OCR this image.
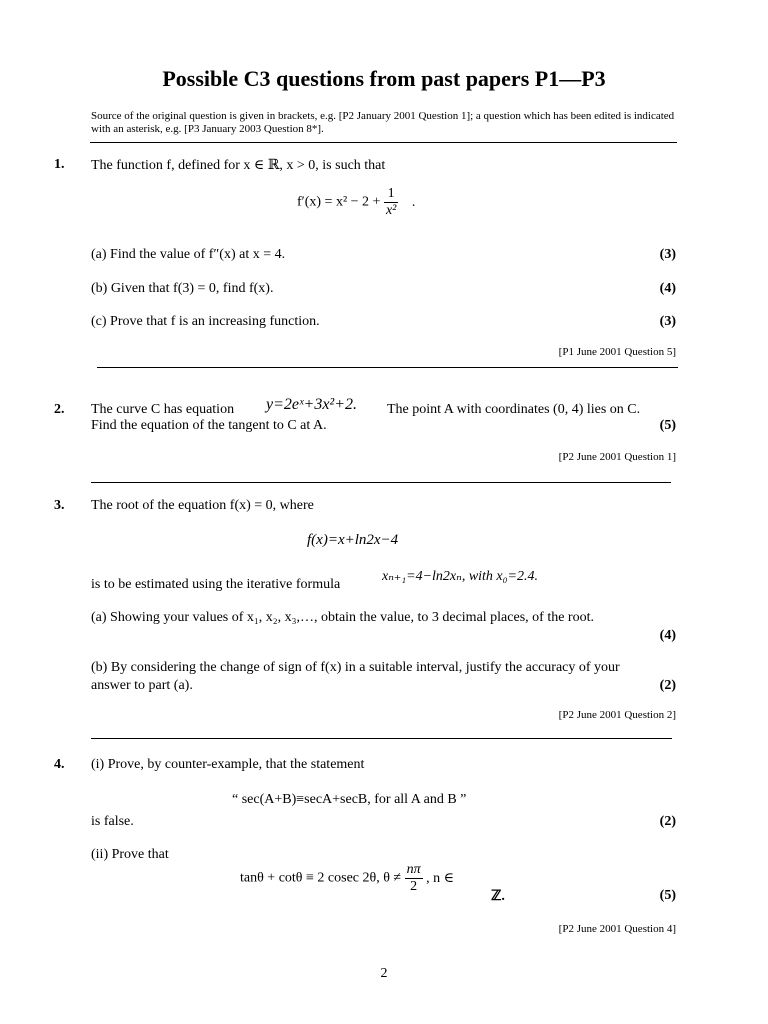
Possible C3 questions from past papers P1—P3
Source of the original question is given in brackets, e.g. [P2 January 2001 Question 1]; a question which has been edited is indicated with an asterisk, e.g. [P3 January 2003 Question 8*].
1. The function f, defined for x ∈ ℝ, x > 0, is such that
$f'(x) = x^2 - 2 + \frac{1}{\text{x²}}$ .
(a) Find the value of f″(x) at x = 4.	(3)
(b) Given that f(3) = 0, find f(x).	(4)
(c) Prove that f is an increasing function.	(3)
[P1 June 2001 Question 5]
2. The curve C has equation y=2eˣ+3x²+2. The point A with coordinates (0, 4) lies on C.
Find the equation of the tangent to C at A.	(5)
[P2 June 2001 Question 1]
3. The root of the equation f(x) = 0, where
f(x)=x+ln2x−4
is to be estimated using the iterative formula
xₙ₊₁=4−ln2xₙ, with x₀=2.4.
(a) Showing your values of x₁, x₂, x₃,…, obtain the value, to 3 decimal places, of the root.
(4)
(b) By considering the change of sign of f(x) in a suitable interval, justify the accuracy of your
answer to part (a).	(2)
[P2 June 2001 Question 2]
4. (i) Prove, by counter-example, that the statement
“ sec(A+B)≡secA+secB, for all A and B ”
is false.	(2)
(ii) Prove that
tanθ + cotθ ≡ 2 cosec 2θ, $\theta \ne \frac{n\pi}{2}$ , n ∈
ℤ.	(5)
[P2 June 2001 Question 4]
2
